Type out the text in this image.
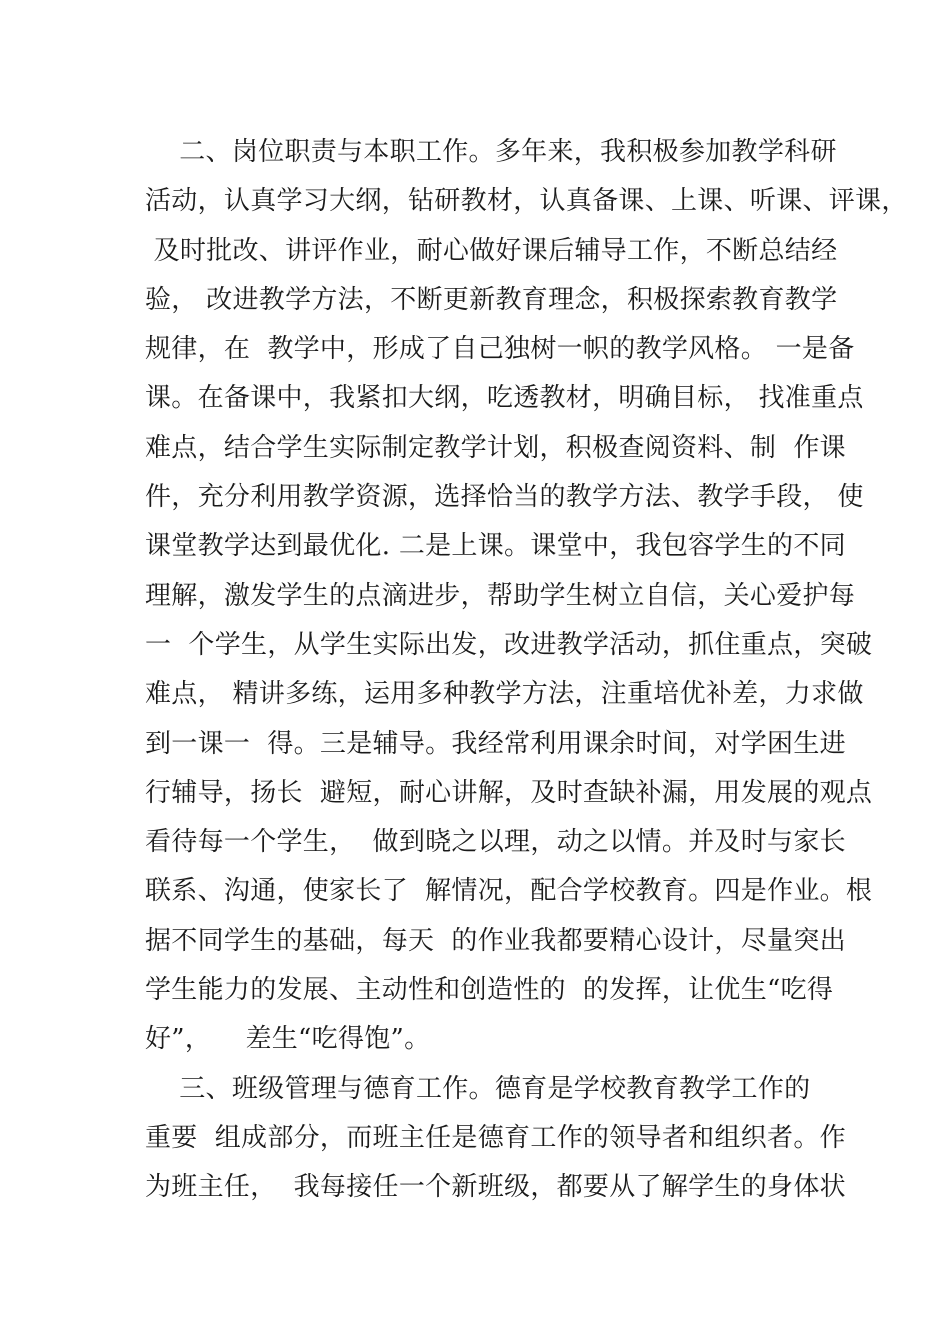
二、岗位职责与本职工作。多年来，我积极参加教学科研
活动，认真学习大纲，钻研教材，认真备课、上课、听课、评课，
及时批改、讲评作业，耐心做好课后辅导工作，不断总结经
验， 改进教学方法，不断更新教育理念，积极探索教育教学
规律，在  教学中，形成了自己独树一帜的教学风格。 一是备
课。在备课中，我紧扣大纲，吃透教材，明确目标， 找准重点
难点，结合学生实际制定教学计划，积极查阅资料、制  作课
件，充分利用教学资源，选择恰当的教学方法、教学手段， 使
课堂教学达到最优化. 二是上课。课堂中，我包容学生的不同
理解，激发学生的点滴进步，帮助学生树立自信，关心爱护每
一  个学生，从学生实际出发，改进教学活动，抓住重点，突破
难点， 精讲多练，运用多种教学方法，注重培优补差，力求做
到一课一  得。三是辅导。我经常利用课余时间，对学困生进
行辅导，扬长  避短，耐心讲解，及时查缺补漏，用发展的观点
看待每一个学生，  做到晓之以理，动之以情。并及时与家长
联系、沟通，使家长了  解情况，配合学校教育。四是作业。根
据不同学生的基础，每天  的作业我都要精心设计，尽量突出
学生能力的发展、主动性和创造性的  的发挥，让优生“吃得
好”，    差生“吃得饱”。
三、班级管理与德育工作。德育是学校教育教学工作的
重要  组成部分，而班主任是德育工作的领导者和组织者。作
为班主任，  我每接任一个新班级，都要从了解学生的身体状
